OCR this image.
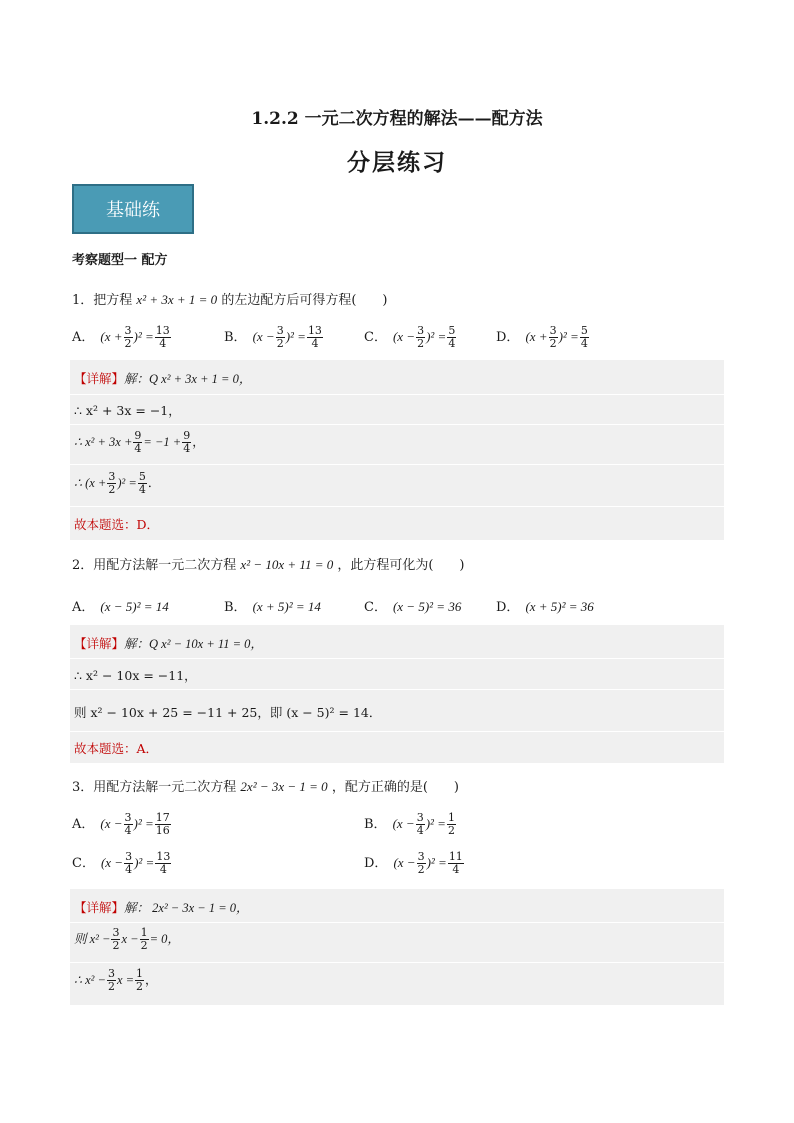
1.2.2 一元二次方程的解法——配方法
分层练习
基础练
考察题型一 配方
1．把方程 x² + 3x + 1 = 0 的左边配方后可得方程(　　)
A． $(x + \frac{3}{2} )^2 = \frac{13}{4}$	B． $(x - \frac{3}{2} )^2 = \frac{13}{4}$	C． $(x - \frac{3}{2} )^2 = \frac{5}{4}$	D． $(x + \frac{3}{2} )^2 = \frac{5}{4}$
【详解】解：Q x² + 3x + 1 = 0，
∴ x² + 3x = −1，
∴ $x^2 + 3x + \frac{9}{4} = -1 + \frac{9}{4}$ ，
∴ $(x + \frac{3}{2} )^2 = \frac{5}{4}$ ．
故本题选：D．
2．用配方法解一元二次方程 x² − 10x + 11 = 0 ，此方程可化为(　　)
A． (x − 5)² = 14	B． (x + 5)² = 14	C． (x − 5)² = 36	D． (x + 5)² = 36
【详解】解：Q x² − 10x + 11 = 0，
∴ x² − 10x = −11，
则 x² − 10x + 25 = −11 + 25，即 (x − 5)² = 14．
故本题选：A．
3．用配方法解一元二次方程 2x² − 3x − 1 = 0 ，配方正确的是(　　)
A． $(x - \frac{3}{4} )^2 = \frac{17}{16}$	B． $(x - \frac{3}{4} )^2 = \frac{1}{2}$
C． $(x - \frac{3}{4} )^2 = \frac{13}{4}$	D． $(x - \frac{3}{2} )^2 = \frac{11}{4}$
【详解】解： 2x² − 3x − 1 = 0，
则 $x^2 - \frac{3}{2}$ $x - \frac{1}{2} = 0$，
∴ $x^2 - \frac{3}{2}$ $x = \frac{1}{2}$ ，
